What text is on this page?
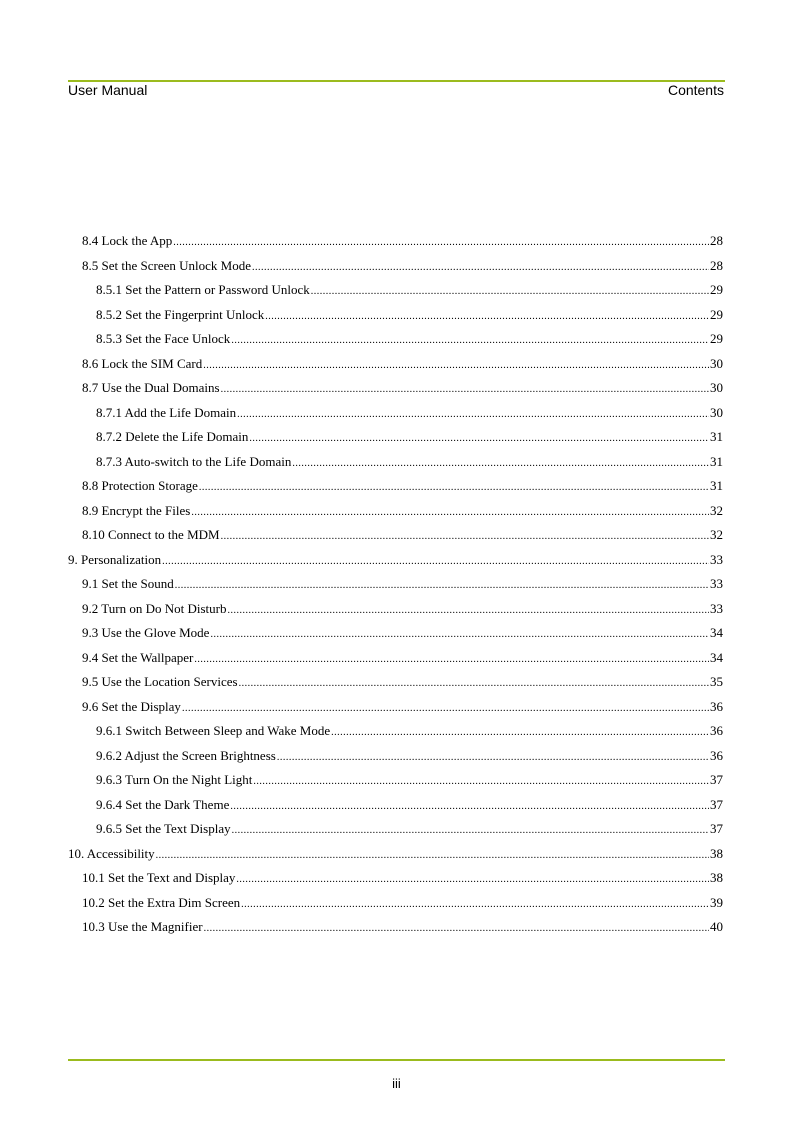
User Manual	Contents
8.4 Lock the App .....	28
8.5 Set the Screen Unlock Mode .....	28
8.5.1 Set the Pattern or Password Unlock .....	29
8.5.2 Set the Fingerprint Unlock .....	29
8.5.3 Set the Face Unlock .....	29
8.6 Lock the SIM Card .....	30
8.7 Use the Dual Domains .....	30
8.7.1 Add the Life Domain .....	30
8.7.2 Delete the Life Domain .....	31
8.7.3 Auto-switch to the Life Domain .....	31
8.8 Protection Storage .....	31
8.9 Encrypt the Files .....	32
8.10 Connect to the MDM .....	32
9. Personalization .....	33
9.1 Set the Sound .....	33
9.2 Turn on Do Not Disturb .....	33
9.3 Use the Glove Mode .....	34
9.4 Set the Wallpaper .....	34
9.5 Use the Location Services .....	35
9.6 Set the Display .....	36
9.6.1 Switch Between Sleep and Wake Mode .....	36
9.6.2 Adjust the Screen Brightness .....	36
9.6.3 Turn On the Night Light .....	37
9.6.4 Set the Dark Theme .....	37
9.6.5 Set the Text Display .....	37
10. Accessibility .....	38
10.1 Set the Text and Display .....	38
10.2 Set the Extra Dim Screen .....	39
10.3 Use the Magnifier .....	40
iii
